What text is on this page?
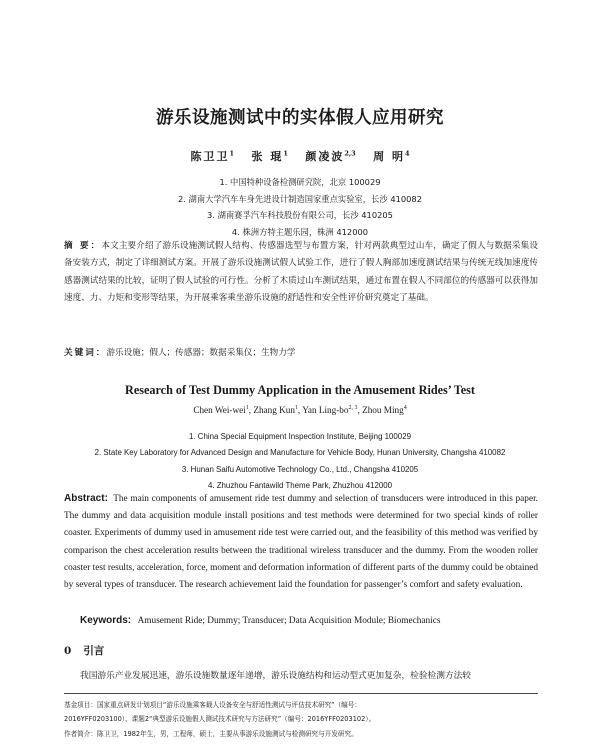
游乐设施测试中的实体假人应用研究
陈卫卫$^1$ 张 琨$^1$ 颜凌波$^{2,3}$ 周 明$^4$
1. 中国特种设备检测研究院，北京 100029
2. 湖南大学汽车车身先进设计制造国家重点实验室，长沙 410082
3. 湖南赛孚汽车科技股份有限公司，长沙 410205
4. 株洲方特主题乐园，株洲 412000
摘 要：本文主要介绍了游乐设施测试假人结构、传感器选型与布置方案，针对两款典型过山车，确定了假人与数据采集设备安装方式，制定了详细测试方案。开展了游乐设施测试假人试验工作，进行了假人胸部加速度测试结果与传统无线加速度传感器测试结果的比较，证明了假人试验的可行性。分析了木质过山车测试结果，通过布置在假人不同部位的传感器可以获得加速度、力、力矩和变形等结果，为开展乘客乘坐游乐设施的舒适性和安全性评价研究奠定了基础。
关键词：游乐设施；假人；传感器；数据采集仪；生物力学
Research of Test Dummy Application in the Amusement Rides’ Test
Chen Wei-wei$^1$, Zhang Kun$^1$, Yan Ling-bo$^{2, 3}$, Zhou Ming$^4$
1. China Special Equipment Inspection Institute, Beijing 100029
2. State Key Laboratory for Advanced Design and Manufacture for Vehicle Body, Hunan University, Changsha 410082
3. Hunan Saifu Automotive Technology Co., Ltd., Changsha 410205
4. Zhuzhou Fantawild Theme Park, Zhuzhou 412000
Abstract: The main components of amusement ride test dummy and selection of transducers were introduced in this paper. The dummy and data acquisition module install positions and test methods were determined for two special kinds of roller coaster. Experiments of dummy used in amusement ride test were carried out, and the feasibility of this method was verified by comparison the chest acceleration results between the traditional wireless transducer and the dummy. From the wooden roller coaster test results, acceleration, force, moment and deformation information of different parts of the dummy could be obtained by several types of transducer. The research achievement laid the foundation for passenger’s comfort and safety evaluation.
Keywords: Amusement Ride; Dummy; Transducer; Data Acquisition Module; Biomechanics
0 引言
我国游乐产业发展迅速，游乐设施数量逐年递增，游乐设施结构和运动型式更加复杂，检验检测方法较
基金项目：国家重点研发计划项目“游乐设施乘客载人设备安全与舒适性测试与评估技术研究”（编号：
2016YFF0203100）、课题2“典型游乐设施假人测试技术研究与方法研究”（编号：2016YFF0203102）。
作者简介：陈卫卫，1982年生，男，工程师，硕士，主要从事游乐设施测试与检测研究与开发研究。
